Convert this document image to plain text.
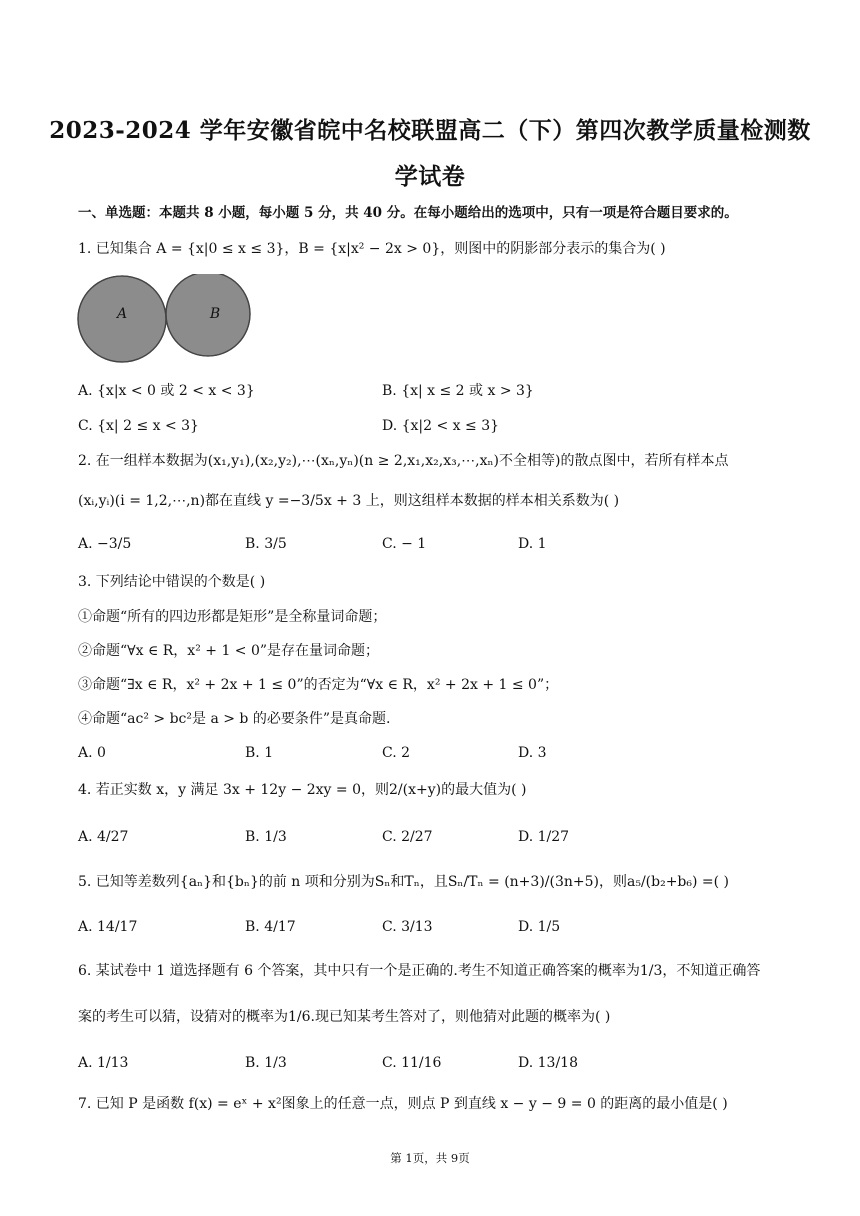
2023-2024 学年安徽省皖中名校联盟高二（下）第四次教学质量检测数
学试卷
一、单选题：本题共 8 小题，每小题 5 分，共 40 分。在每小题给出的选项中，只有一项是符合题目要求的。
1. 已知集合 A = {x|0 ≤ x ≤ 3}，B = {x|x² − 2x > 0}，则图中的阴影部分表示的集合为( )
A	B
A. {x|x < 0 或 2 < x < 3}	B. {x| x ≤ 2 或 x > 3}
C. {x| 2 ≤ x < 3}	D. {x|2 < x ≤ 3}
2. 在一组样本数据为(x₁,y₁),(x₂,y₂),⋯(xₙ,yₙ)(n ≥ 2,x₁,x₂,x₃,⋯,xₙ)不全相等)的散点图中，若所有样本点
(xᵢ,yᵢ)(i = 1,2,⋯,n)都在直线 y =−3/5x + 3 上，则这组样本数据的样本相关系数为( )
A. −3/5	B. 3/5	C. − 1	D. 1
3. 下列结论中错误的个数是( )
①命题“所有的四边形都是矩形”是全称量词命题；
②命题“∀x ∈ R，x² + 1 < 0”是存在量词命题；
③命题“∃x ∈ R，x² + 2x + 1 ≤ 0”的否定为“∀x ∈ R，x² + 2x + 1 ≤ 0”；
④命题“ac² > bc²是 a > b 的必要条件”是真命题.
A. 0	B. 1	C. 2	D. 3
4. 若正实数 x，y 满足 3x + 12y − 2xy = 0，则2/(x+y)的最大值为( )
A. 4/27	B. 1/3	C. 2/27	D. 1/27
5. 已知等差数列{aₙ}和{bₙ}的前 n 项和分别为Sₙ和Tₙ，且Sₙ/Tₙ = (n+3)/(3n+5)，则a₅/(b₂+b₆) =( )
A. 14/17	B. 4/17	C. 3/13	D. 1/5
6. 某试卷中 1 道选择题有 6 个答案，其中只有一个是正确的.考生不知道正确答案的概率为1/3，不知道正确答
案的考生可以猜，设猜对的概率为1/6.现已知某考生答对了，则他猜对此题的概率为( )
A. 1/13	B. 1/3	C. 11/16	D. 13/18
7. 已知 P 是函数 f(x) = eˣ + x²图象上的任意一点，则点 P 到直线 x − y − 9 = 0 的距离的最小值是( )
第 1页，共 9页
